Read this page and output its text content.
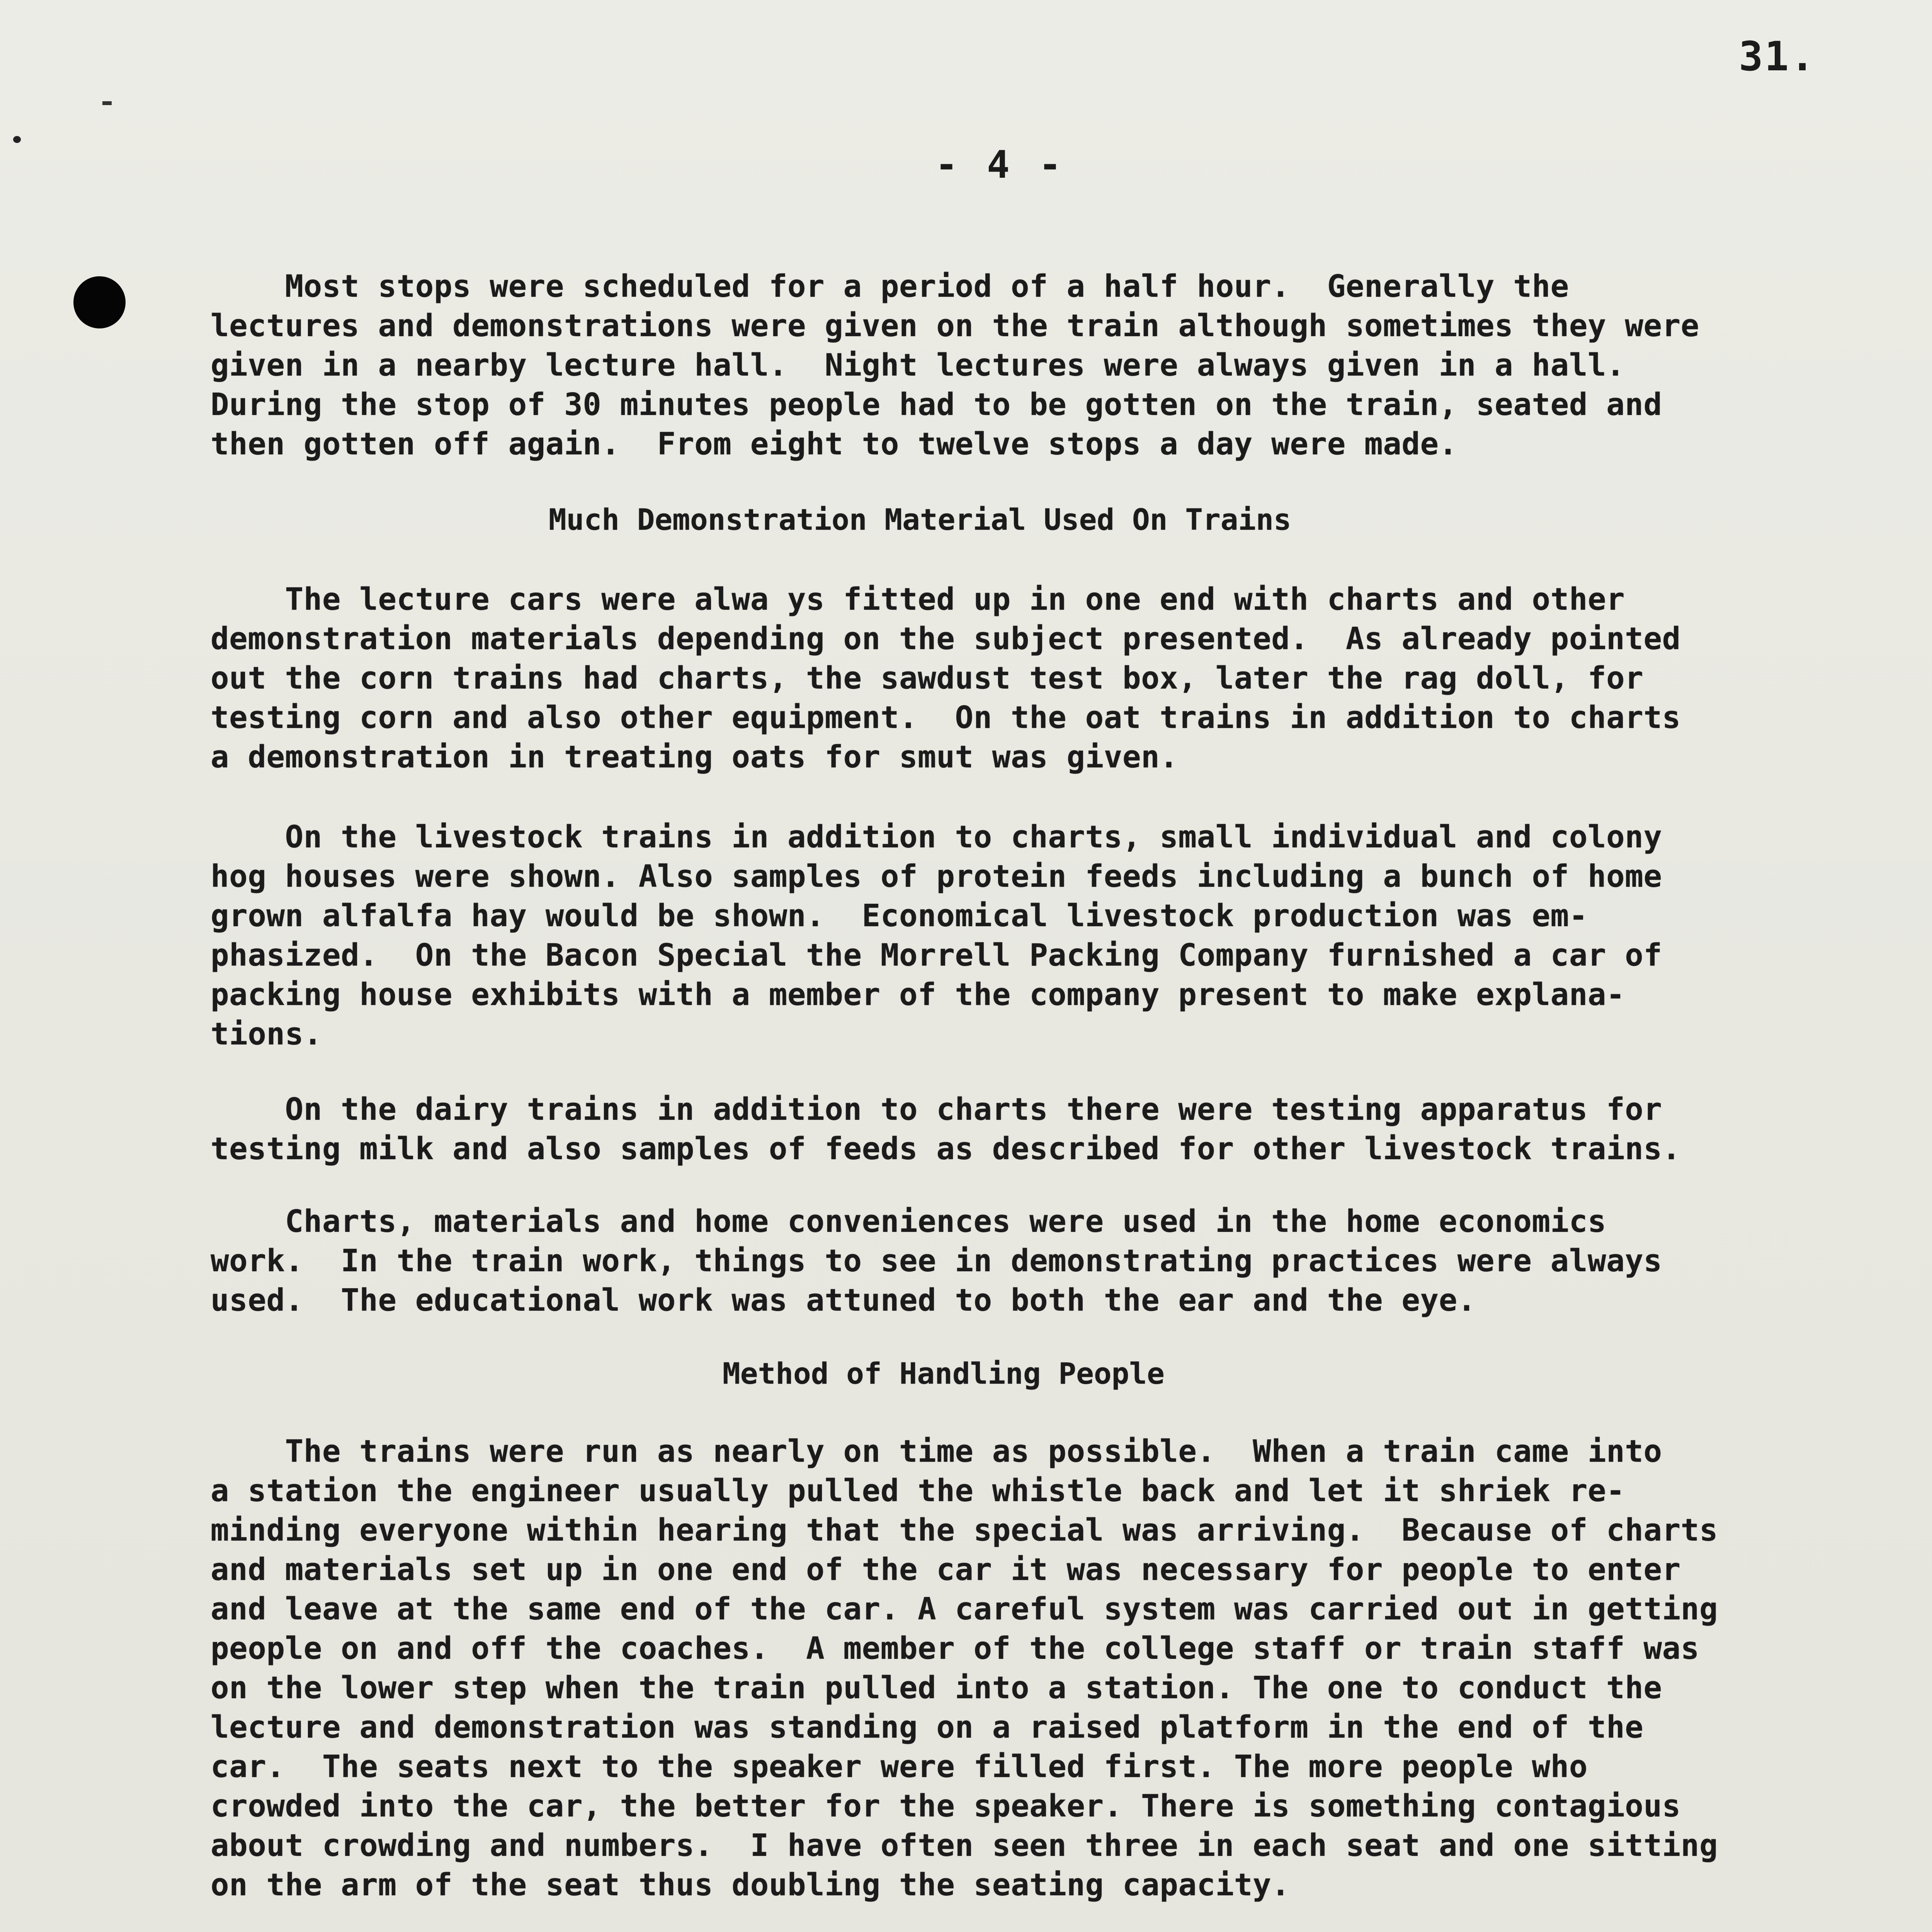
31.
- 4 -
Most stops were scheduled for a period of a half hour.  Generally the
lectures and demonstrations were given on the train although sometimes they were
given in a nearby lecture hall.  Night lectures were always given in a hall.
During the stop of 30 minutes people had to be gotten on the train, seated and
then gotten off again.  From eight to twelve stops a day were made.
Much Demonstration Material Used On Trains
The lecture cars were alwa ys fitted up in one end with charts and other
demonstration materials depending on the subject presented.  As already pointed
out the corn trains had charts, the sawdust test box, later the rag doll, for
testing corn and also other equipment.  On the oat trains in addition to charts
a demonstration in treating oats for smut was given.
On the livestock trains in addition to charts, small individual and colony
hog houses were shown. Also samples of protein feeds including a bunch of home
grown alfalfa hay would be shown.  Economical livestock production was em-
phasized.  On the Bacon Special the Morrell Packing Company furnished a car of
packing house exhibits with a member of the company present to make explana-
tions.
On the dairy trains in addition to charts there were testing apparatus for
testing milk and also samples of feeds as described for other livestock trains.
Charts, materials and home conveniences were used in the home economics
work.  In the train work, things to see in demonstrating practices were always
used.  The educational work was attuned to both the ear and the eye.
Method of Handling People
The trains were run as nearly on time as possible.  When a train came into
a station the engineer usually pulled the whistle back and let it shriek re-
minding everyone within hearing that the special was arriving.  Because of charts
and materials set up in one end of the car it was necessary for people to enter
and leave at the same end of the car. A careful system was carried out in getting
people on and off the coaches.  A member of the college staff or train staff was
on the lower step when the train pulled into a station. The one to conduct the
lecture and demonstration was standing on a raised platform in the end of the
car.  The seats next to the speaker were filled first. The more people who
crowded into the car, the better for the speaker. There is something contagious
about crowding and numbers.  I have often seen three in each seat and one sitting
on the arm of the seat thus doubling the seating capacity.
